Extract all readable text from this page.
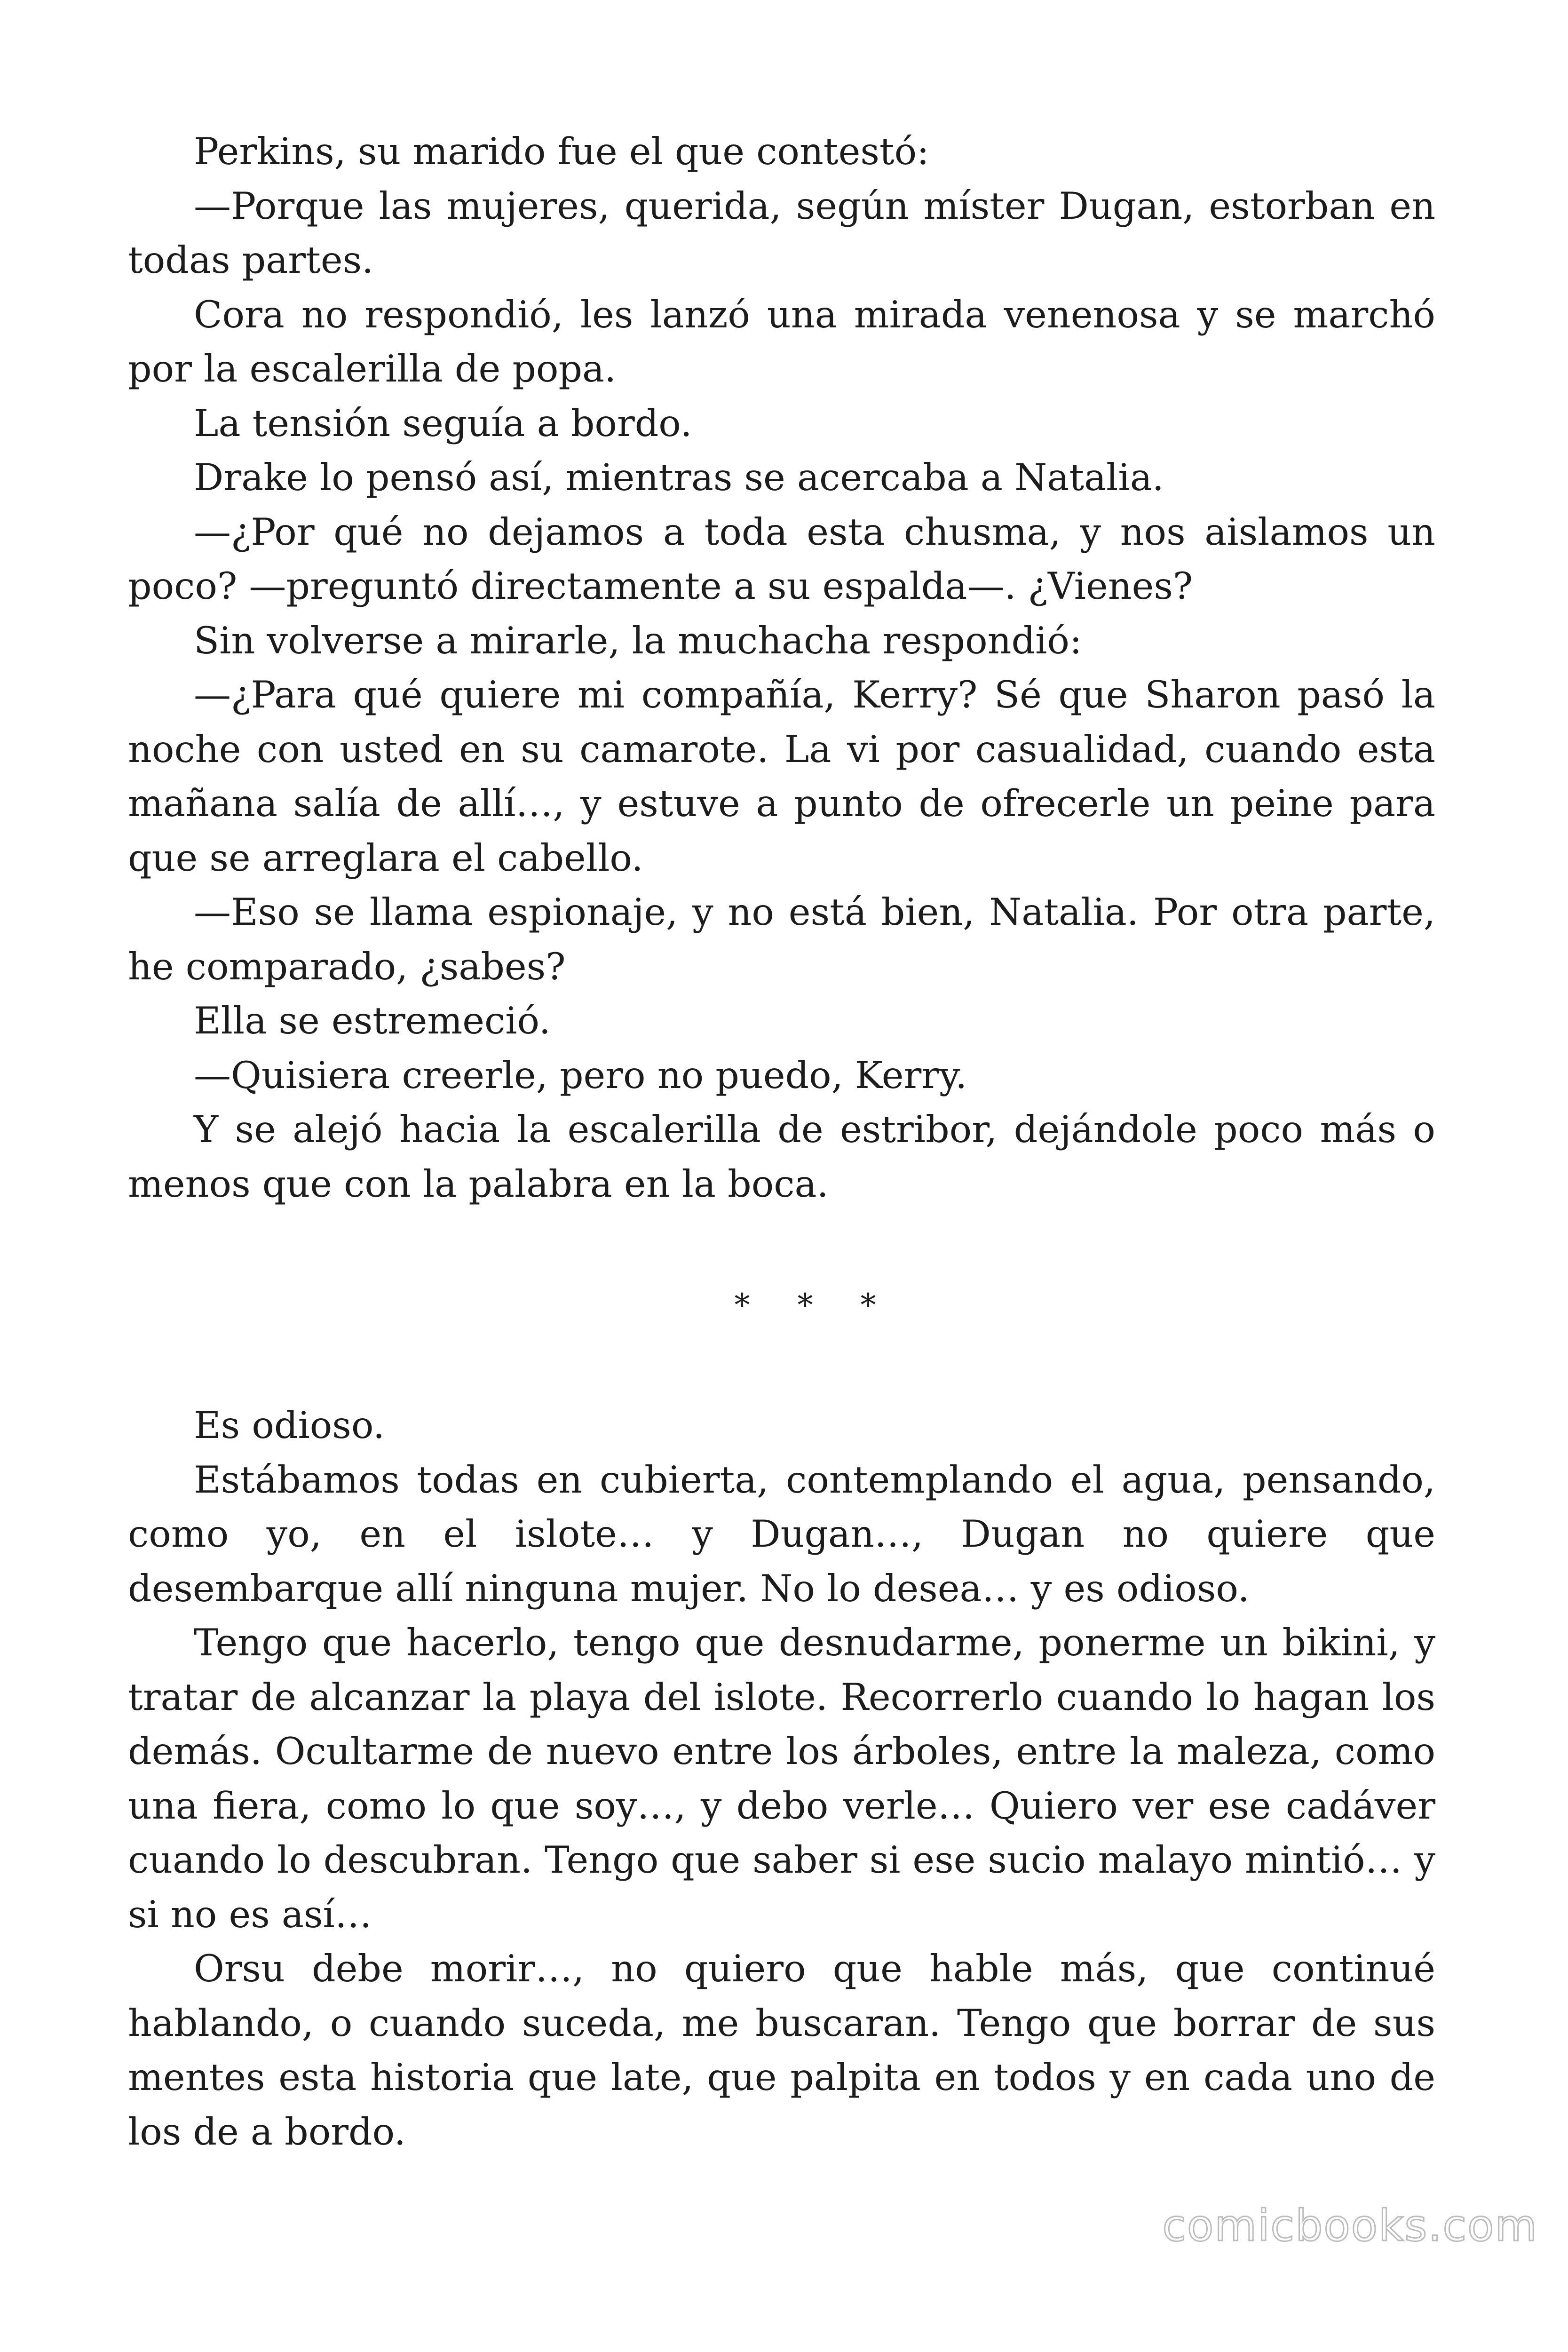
Perkins, su marido fue el que contestó:

—Porque las mujeres, querida, según míster Dugan, estorban en todas partes.

Cora no respondió, les lanzó una mirada venenosa y se marchó por la escalerilla de popa.

La tensión seguía a bordo.

Drake lo pensó así, mientras se acercaba a Natalia.

—¿Por qué no dejamos a toda esta chusma, y nos aislamos un poco? —preguntó directamente a su espalda—. ¿Vienes?

Sin volverse a mirarle, la muchacha respondió:

—¿Para qué quiere mi compañía, Kerry? Sé que Sharon pasó la noche con usted en su camarote. La vi por casualidad, cuando esta mañana salía de allí…, y estuve a punto de ofrecerle un peine para que se arreglara el cabello.

—Eso se llama espionaje, y no está bien, Natalia. Por otra parte, he comparado, ¿sabes?

Ella se estremeció.

—Quisiera creerle, pero no puedo, Kerry.

Y se alejó hacia la escalerilla de estribor, dejándole poco más o menos que con la palabra en la boca.

* * *

Es odioso.

Estábamos todas en cubierta, contemplando el agua, pensando, como yo, en el islote… y Dugan…, Dugan no quiere que desembarque allí ninguna mujer. No lo desea… y es odioso.

Tengo que hacerlo, tengo que desnudarme, ponerme un bikini, y tratar de alcanzar la playa del islote. Recorrerlo cuando lo hagan los demás. Ocultarme de nuevo entre los árboles, entre la maleza, como una fiera, como lo que soy…, y debo verle… Quiero ver ese cadáver cuando lo descubran. Tengo que saber si ese sucio malayo mintió… y si no es así…

Orsu debe morir…, no quiero que hable más, que continué hablando, o cuando suceda, me buscaran. Tengo que borrar de sus mentes esta historia que late, que palpita en todos y en cada uno de los de a bordo.

comicbooks.com
